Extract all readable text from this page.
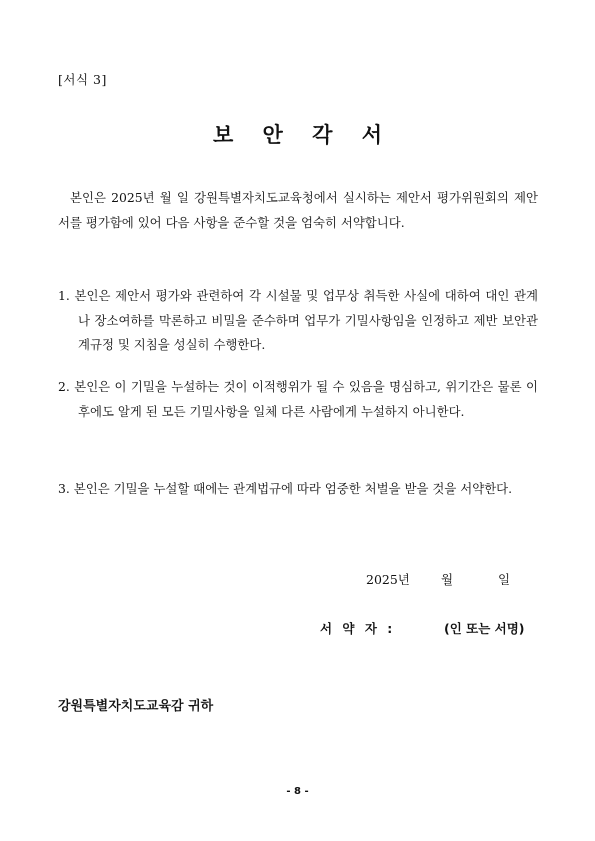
[서식 3]
보 안 각 서
본인은 2025년 월 일 강원특별자치도교육청에서 실시하는 제안서 평가위원회의 제안서를 평가함에 있어 다음 사항을 준수할 것을 엄숙히 서약합니다.
1. 본인은 제안서 평가와 관련하여 각 시설물 및 업무상 취득한 사실에 대하여 대인 관계나 장소여하를 막론하고 비밀을 준수하며 업무가 기밀사항임을 인정하고 제반 보안관계규정 및 지침을 성실히 수행한다.
2. 본인은 이 기밀을 누설하는 것이 이적행위가 될 수 있음을 명심하고, 위기간은 물론 이후에도 알게 된 모든 기밀사항을 일체 다른 사람에게 누설하지 아니한다.
3. 본인은 기밀을 누설할 때에는 관계법규에 따라 엄중한 처벌을 받을 것을 서약한다.
2025년 월	일
서 약 자 :	(인 또는 서명)
강원특별자치도교육감 귀하
- 8 -
